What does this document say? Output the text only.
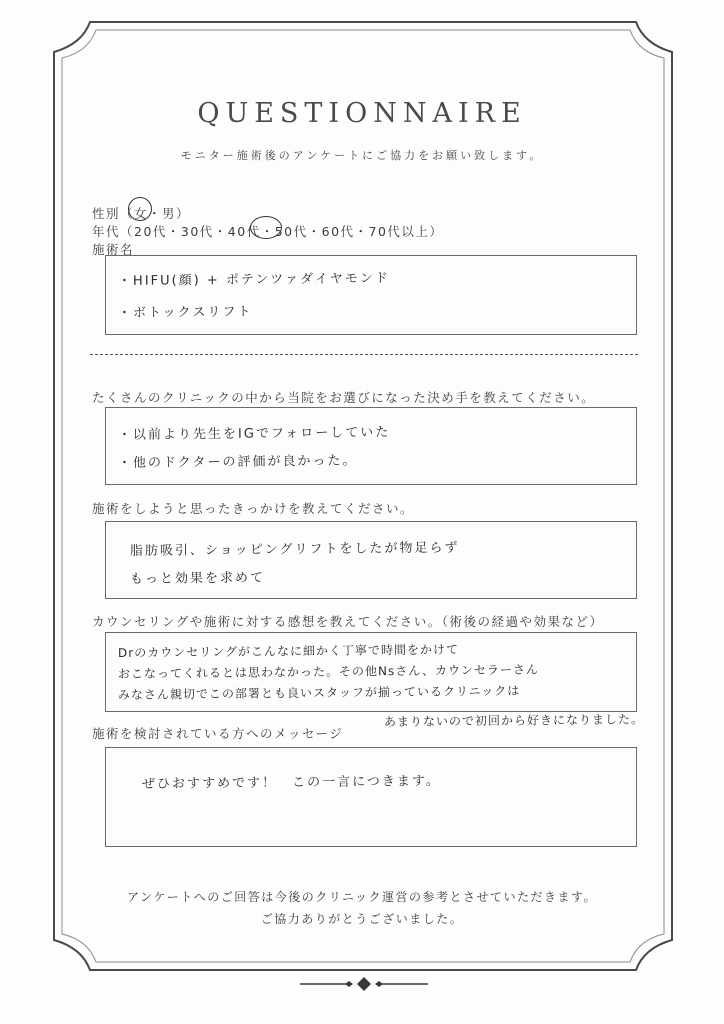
QUESTIONNAIRE
モニター施術後のアンケートにご協力をお願い致します。
性別（女・男）
年代（20代・30代・40代・50代・60代・70代以上）
施術名
・HIFU(顔) + ポテンツァダイヤモンド
・ボトックスリフト
たくさんのクリニックの中から当院をお選びになった決め手を教えてください。
・以前より先生をIGでフォローしていた
・他のドクターの評価が良かった。
施術をしようと思ったきっかけを教えてください。
脂肪吸引、ショッピングリフトをしたが物足らず
もっと効果を求めて
カウンセリングや施術に対する感想を教えてください。（術後の経過や効果など）
Drのカウンセリングがこんなに細かく丁寧で時間をかけて
おこなってくれるとは思わなかった。その他Nsさん、カウンセラーさん
みなさん親切でこの部署とも良いスタッフが揃っているクリニックは
あまりないので初回から好きになりました。
施術を検討されている方へのメッセージ
ぜひおすすめです！　この一言につきます。
アンケートへのご回答は今後のクリニック運営の参考とさせていただきます。
ご協力ありがとうございました。
